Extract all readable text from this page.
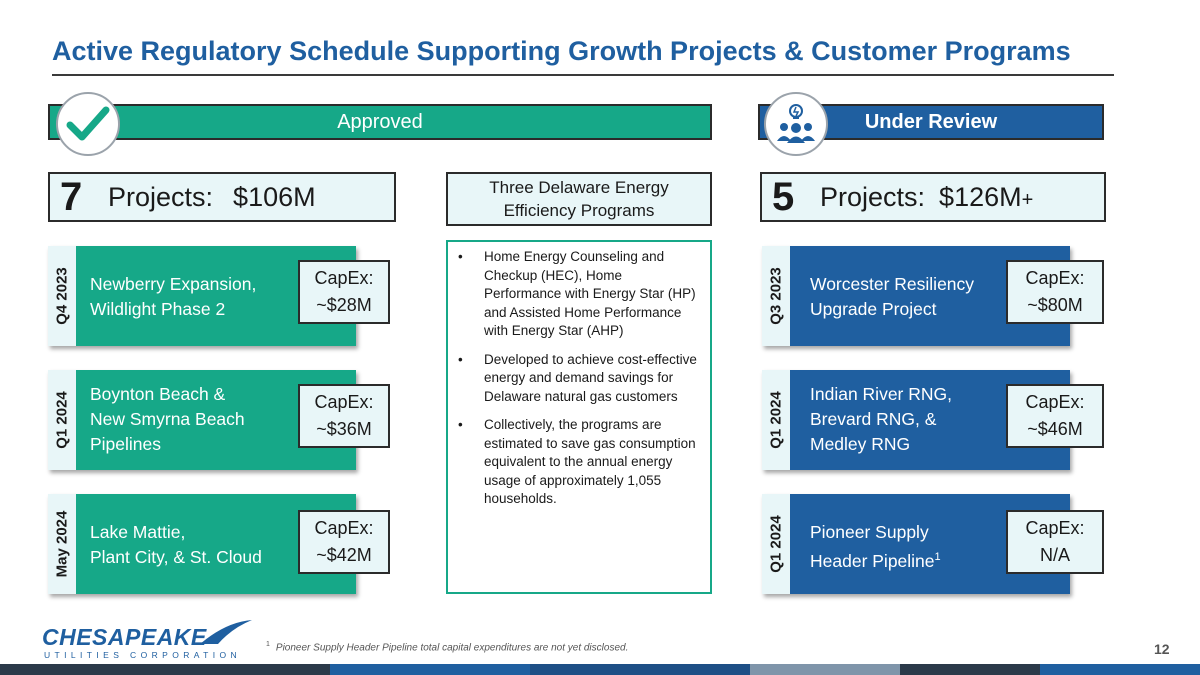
Active Regulatory Schedule Supporting Growth Projects & Customer Programs
Approved	Under Review
7 Projects: $106M	5 Projects: $126M+
Three Delaware Energy
Efficiency Programs
• Home Energy Counseling and Checkup (HEC), Home Performance with Energy Star (HP) and Assisted Home Performance with Energy Star (AHP)
• Developed to achieve cost-effective energy and demand savings for Delaware natural gas customers
• Collectively, the programs are estimated to save gas consumption equivalent to the annual energy usage of approximately 1,055 households.
Q4 2023 Newberry Expansion,
Wildlight Phase 2
CapEx:
~$28M
Q1 2024 Boynton Beach &
New Smyrna Beach
Pipelines
CapEx:
~$36M
May 2024 Lake Mattie,
Plant City, & St. Cloud
CapEx:
~$42M
Q3 2023 Worcester Resiliency
Upgrade Project
CapEx:
~$80M
Q1 2024 Indian River RNG,
Brevard RNG, &
Medley RNG
CapEx:
~$46M
Q1 2024 Pioneer Supply
Header Pipeline$^1$
CapEx:
N/A
CHESAPEAKE
UTILITIES CORPORATION
$^1$ Pioneer Supply Header Pipeline total capital expenditures are not yet disclosed.	12
